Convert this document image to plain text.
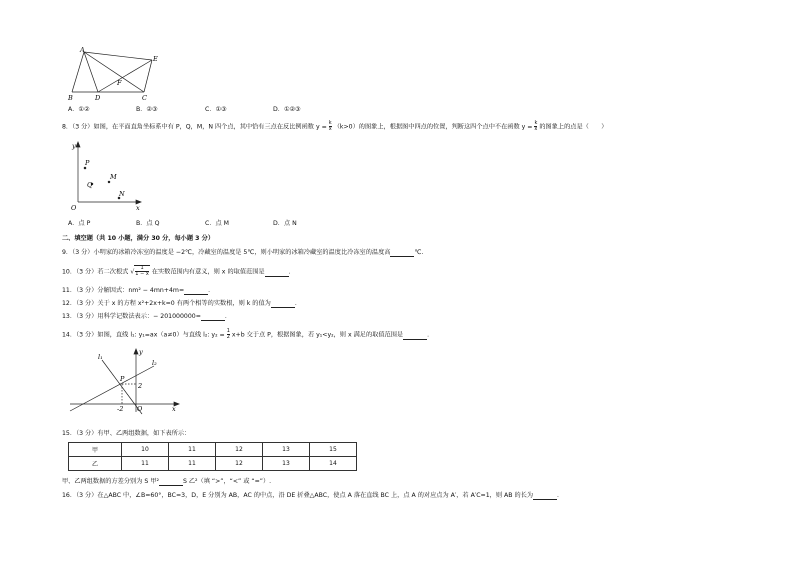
A
E
F
B	D	C
A．①②	B．②③	C．①③	D．①②③
8．（3 分）如图，在平面直角坐标系中有 P，Q，M，N 四个点，其中恰有三点在反比例函数 $y = \frac{k}{x} (k>0)$的图象上，根据图中四点的位置，判断这四个点中不在函数 $y = \frac{k}{x}$ 的图象上的点是（　　）
y
P
M
Q
N
O	x
A．点 P	B．点 Q	C．点 M	D．点 N
二、填空题（共 10 小题，满分 30 分，每小题 3 分）
9．（3 分）小明家的冰箱冷冻室的温度是 −2℃，冷藏室的温度是 5℃，则小明家的冰箱冷藏室的温度比冷冻室的温度高	℃.
10．（3 分）若二次根式 √ $\frac{1}{1 - x}$ 在实数范围内有意义，则 x 的取值范围是	．
11．（3 分）分解因式：nm² − 4mn+4m=	．
12．（3 分）关于 x 的方程 x²+2x+k=0 有两个相等的实数根，则 k 的值为	．
13．（3 分）用科学记数法表示：− 201000000=	．
14．（3 分）如图，直线 l₁: y₁=ax（a≠0）与直线 l₂: $y_2 = \frac{1}{2} x+b$ 交于点 P，根据图象，若 y₁<y₂，则 x 满足的取值范围是	．
l₁
y
l₂
P
-2 O	x
2
15．（3 分）有甲、乙两组数据，如下表所示：
甲	10	11	12	13	15
乙	11	11	12	13	14
甲、乙两组数据的方差分别为 S 甲²	S 乙²（填 “>”，“<” 或 “=”）.
16．（3 分）在△ABC 中，∠B=60°，BC=3，D，E 分别为 AB，AC 的中点，沿 DE 折叠△ABC，使点 A 落在直线 BC 上，点 A 的对应点为 A′，若 A′C=1，则 AB 的长为	．
